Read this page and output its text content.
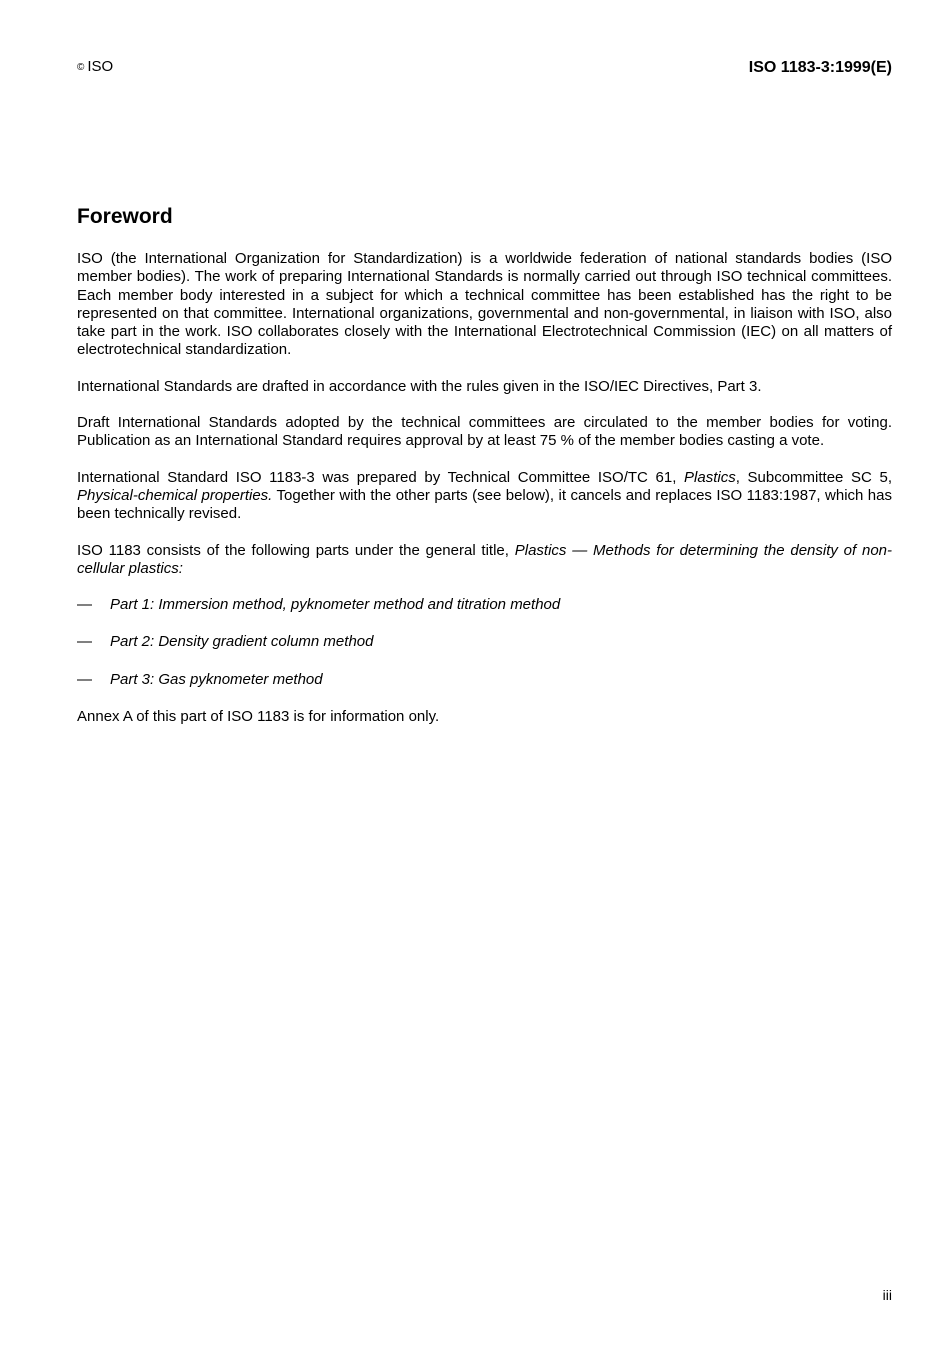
© ISO	ISO 1183-3:1999(E)
Foreword

ISO (the International Organization for Standardization) is a worldwide federation of national standards bodies (ISO member bodies). The work of preparing International Standards is normally carried out through ISO technical committees. Each member body interested in a subject for which a technical committee has been established has the right to be represented on that committee. International organizations, governmental and non-governmental, in liaison with ISO, also take part in the work. ISO collaborates closely with the International Electrotechnical Commission (IEC) on all matters of electrotechnical standardization.

International Standards are drafted in accordance with the rules given in the ISO/IEC Directives, Part 3.

Draft International Standards adopted by the technical committees are circulated to the member bodies for voting. Publication as an International Standard requires approval by at least 75 % of the member bodies casting a vote.

International Standard ISO 1183-3 was prepared by Technical Committee ISO/TC 61, Plastics, Subcommittee SC 5, Physical-chemical properties. Together with the other parts (see below), it cancels and replaces ISO 1183:1987, which has been technically revised.

ISO 1183 consists of the following parts under the general title, Plastics — Methods for determining the density of non-cellular plastics:

— Part 1: Immersion method, pyknometer method and titration method
— Part 2: Density gradient column method
— Part 3: Gas pyknometer method

Annex A of this part of ISO 1183 is for information only.

iii
